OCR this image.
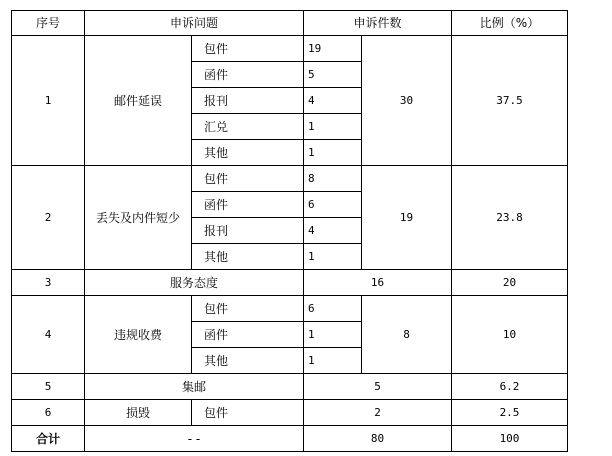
序号	申诉问题		申诉件数		比例（%）
1	邮件延误	包件	19	30	37.5
		函件	5		
		报刊	4		
		汇兑	1		
		其他	1		
2	丢失及内件短少	包件	8	19	23.8
		函件	6		
		报刊	4		
		其他	1		
3	服务态度		16		20
4	违规收费	包件	6	8	10
		函件	1		
		其他	1		
5	集邮		5		6.2
6	损毁	包件	2		2.5
合计	- -		80		100
